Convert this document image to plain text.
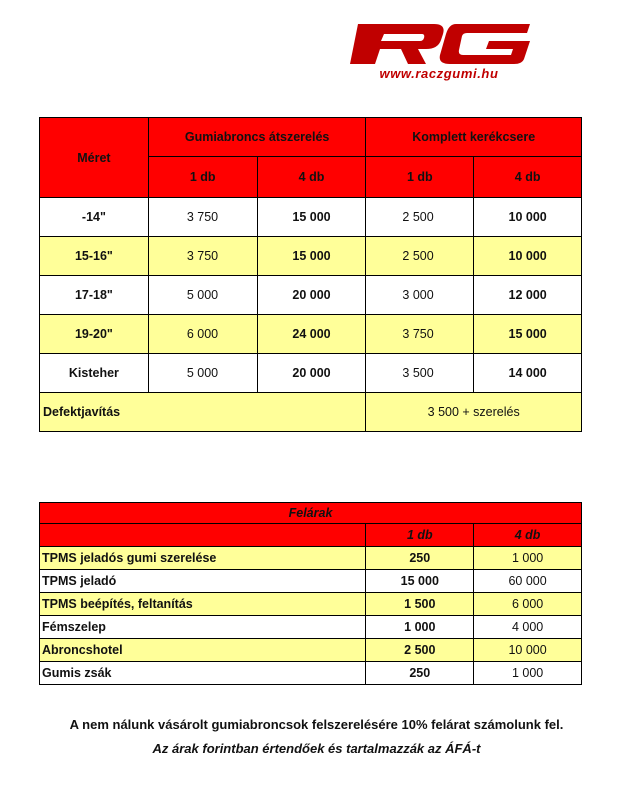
www.raczgumi.hu
Méret	Gumiabroncs átszerelés		Komplett kerékcsere	
	1 db	4 db	1 db	4 db
-14"	3 750	15 000	2 500	10 000
15-16"	3 750	15 000	2 500	10 000
17-18"	5 000	20 000	3 000	12 000
19-20"	6 000	24 000	3 750	15 000
Kisteher	5 000	20 000	3 500	14 000
Defektjavítás			3 500 + szerelés	
Felárak		
	1 db	4 db
TPMS jeladós gumi szerelése	250	1 000
TPMS jeladó	15 000	60 000
TPMS beépítés, feltanítás	1 500	6 000
Fémszelep	1 000	4 000
Abroncshotel	2 500	10 000
Gumis zsák	250	1 000
A nem nálunk vásárolt gumiabroncsok felszerelésére 10% felárat számolunk fel.
Az árak forintban értendőek és tartalmazzák az ÁFÁ-t
